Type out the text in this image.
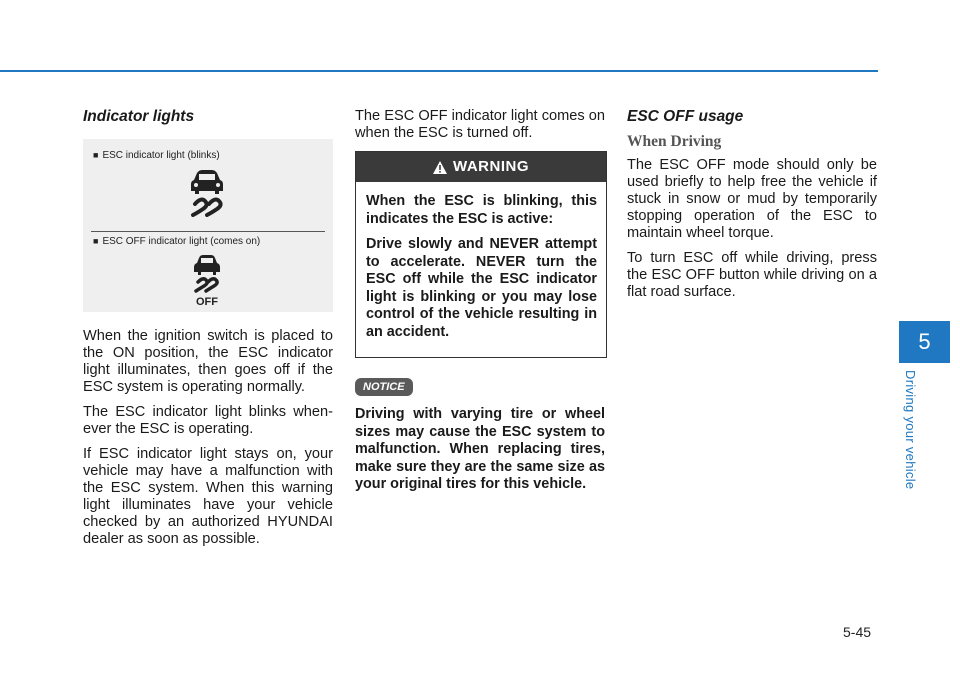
Indicator lights
■ ESC indicator light (blinks)
■ ESC OFF indicator light (comes on)
OFF

When the ignition switch is placed to the ON position, the ESC indicator light illuminates, then goes off if the ESC system is operating normally.

The ESC indicator light blinks when-ever the ESC is operating.

If ESC indicator light stays on, your vehicle may have a malfunction with the ESC system. When this warning light illuminates have your vehicle checked by an authorized HYUNDAI dealer as soon as possible.

The ESC OFF indicator light comes on when the ESC is turned off.

WARNING

When the ESC is blinking, this indicates the ESC is active:

Drive slowly and NEVER attempt to accelerate. NEVER turn the ESC off while the ESC indicator light is blinking or you may lose control of the vehicle resulting in an accident.

NOTICE

Driving with varying tire or wheel sizes may cause the ESC system to malfunction. When replacing tires, make sure they are the same size as your original tires for this vehicle.

ESC OFF usage
When Driving

The ESC OFF mode should only be used briefly to help free the vehicle if stuck in snow or mud by temporarily stopping operation of the ESC to maintain wheel torque.

To turn ESC off while driving, press the ESC OFF button while driving on a flat road surface.

5
Driving your vehicle
5-45
